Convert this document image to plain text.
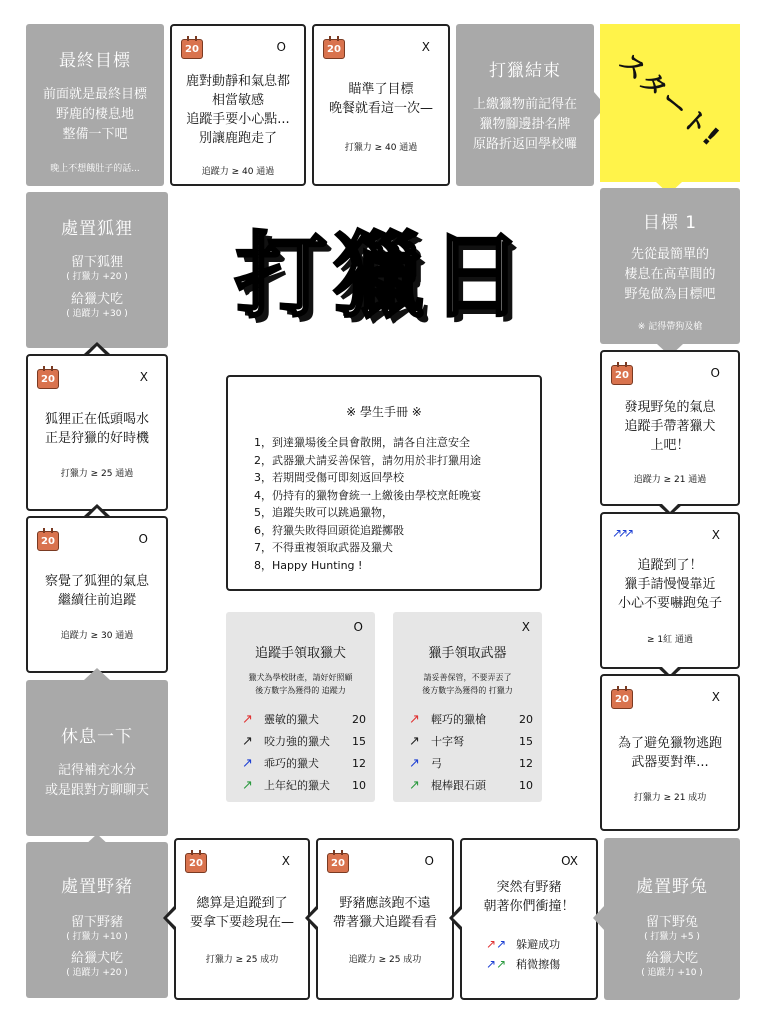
最終目標
前面就是最終目標
野鹿的棲息地
整備一下吧
晚上不想餓肚子的話...
20	O
鹿對動靜和氣息都
相當敏感
追蹤手要小心點...
別讓鹿跑走了
追蹤力 ≥ 40 通過
20	X
瞄準了目標
晚餐就看這一次—
打獵力 ≥ 40 通過
打獵結束
上繳獵物前記得在
獵物腳邊掛名牌
原路折返回學校囉	スタート!
打獵日
處置狐狸
留下狐狸
( 打獵力 +20 )
給獵犬吃
( 追蹤力 +30 )
20	X
狐狸正在低頭喝水
正是狩獵的好時機
打獵力 ≥ 25 通過
20	O
察覺了狐狸的氣息
繼續往前追蹤
追蹤力 ≥ 30 通過
休息一下
記得補充水分
或是跟對方聊聊天
處置野豬
留下野豬
( 打獵力 +10 )
給獵犬吃
( 追蹤力 +20 )
20	X
總算是追蹤到了
要拿下要趁現在—
打獵力 ≥ 25 成功
20	O
野豬應該跑不遠
帶著獵犬追蹤看看
追蹤力 ≥ 25 成功
OX
突然有野豬
朝著你們衝撞！
↗↗ 躲避成功
↗↗ 稍微擦傷
處置野兔
留下野兔
( 打獵力 +5 )
給獵犬吃
( 追蹤力 +10 )
目標 1
先從最簡單的
棲息在高草間的
野兔做為目標吧
※ 記得帶狗及槍
20	O
發現野兔的氣息
追蹤手帶著獵犬
上吧！
追蹤力 ≥ 21 通過
↗↗↗	X
追蹤到了！
獵手請慢慢靠近
小心不要嚇跑兔子
≥ 1紅 通過
20	X
為了避免獵物逃跑
武器要對準...
打獵力 ≥ 21 成功
※ 學生手冊 ※
1，到達獵場後全員會散開，請各自注意安全
2，武器獵犬請妥善保管，請勿用於非打獵用途
3，若期間受傷可即刻返回學校
4，仍持有的獵物會統一上繳後由學校烹飪晚宴
5，追蹤失敗可以跳過獵物，
6，狩獵失敗得回頭從追蹤擲骰
7，不得重複領取武器及獵犬
8，Happy Hunting !
O
追蹤手領取獵犬
獵犬為學校財產，請好好照顧
後方數字為獲得的 追蹤力
↗ 靈敏的獵犬	20
↗ 咬力強的獵犬	15
↗ 乖巧的獵犬	12
↗ 上年紀的獵犬	10
X
獵手領取武器
請妥善保管，不要弄丟了
後方數字為獲得的 打獵力
↗ 輕巧的獵槍	20
↗ 十字弩	15
↗ 弓	12
↗ 棍棒跟石頭	10
